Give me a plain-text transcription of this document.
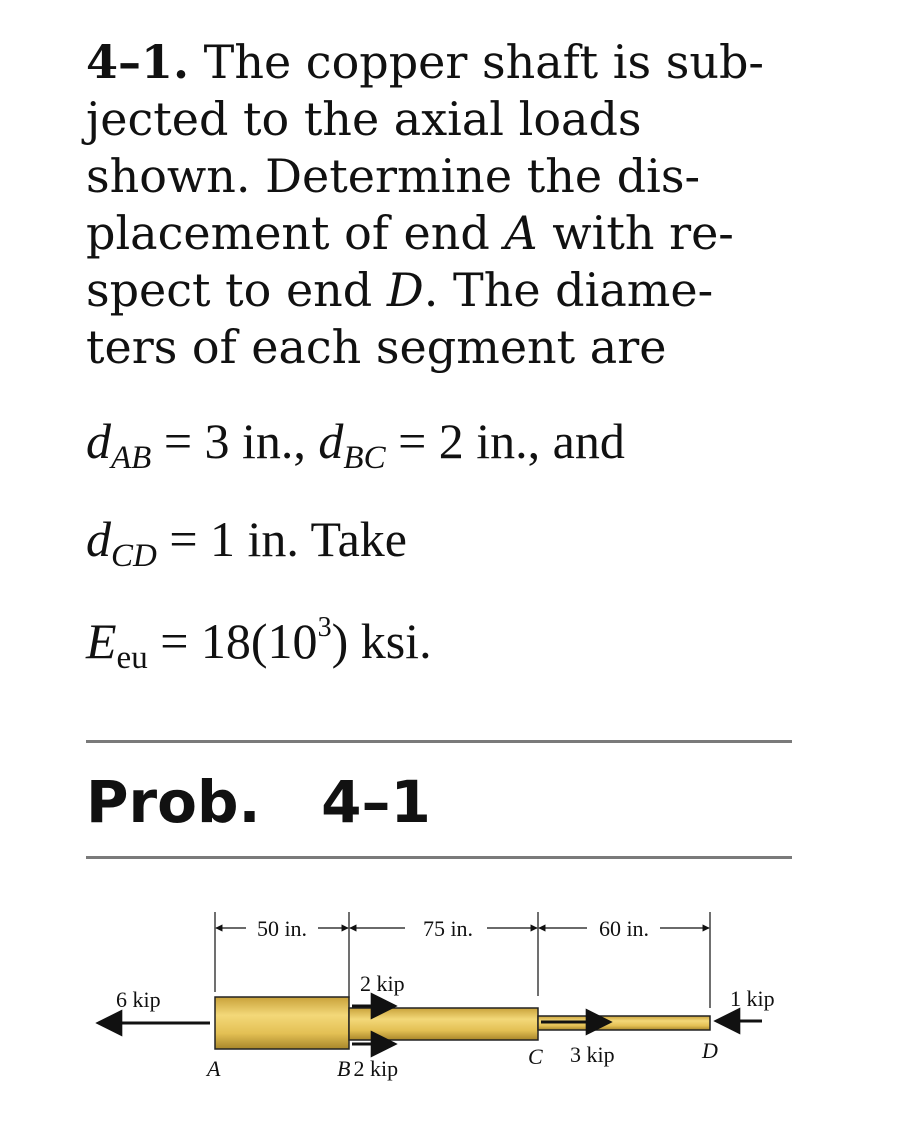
4–1. The copper shaft is sub-
jected to the axial loads
shown. Determine the dis-
placement of end A with re-
spect to end D. The diame-
ters of each segment are
$d_{AB} = 3$ in., $d_{BC} = 2$ in., and
$d_{CD} = 1$ in. Take
$E_{eu} = 18(10^3)$ ksi.
Prob.   4–1
50 in.	75 in.	60 in.
6 kip
2 kip
3 kip
1 kip
A	B 2 kip	C	D
